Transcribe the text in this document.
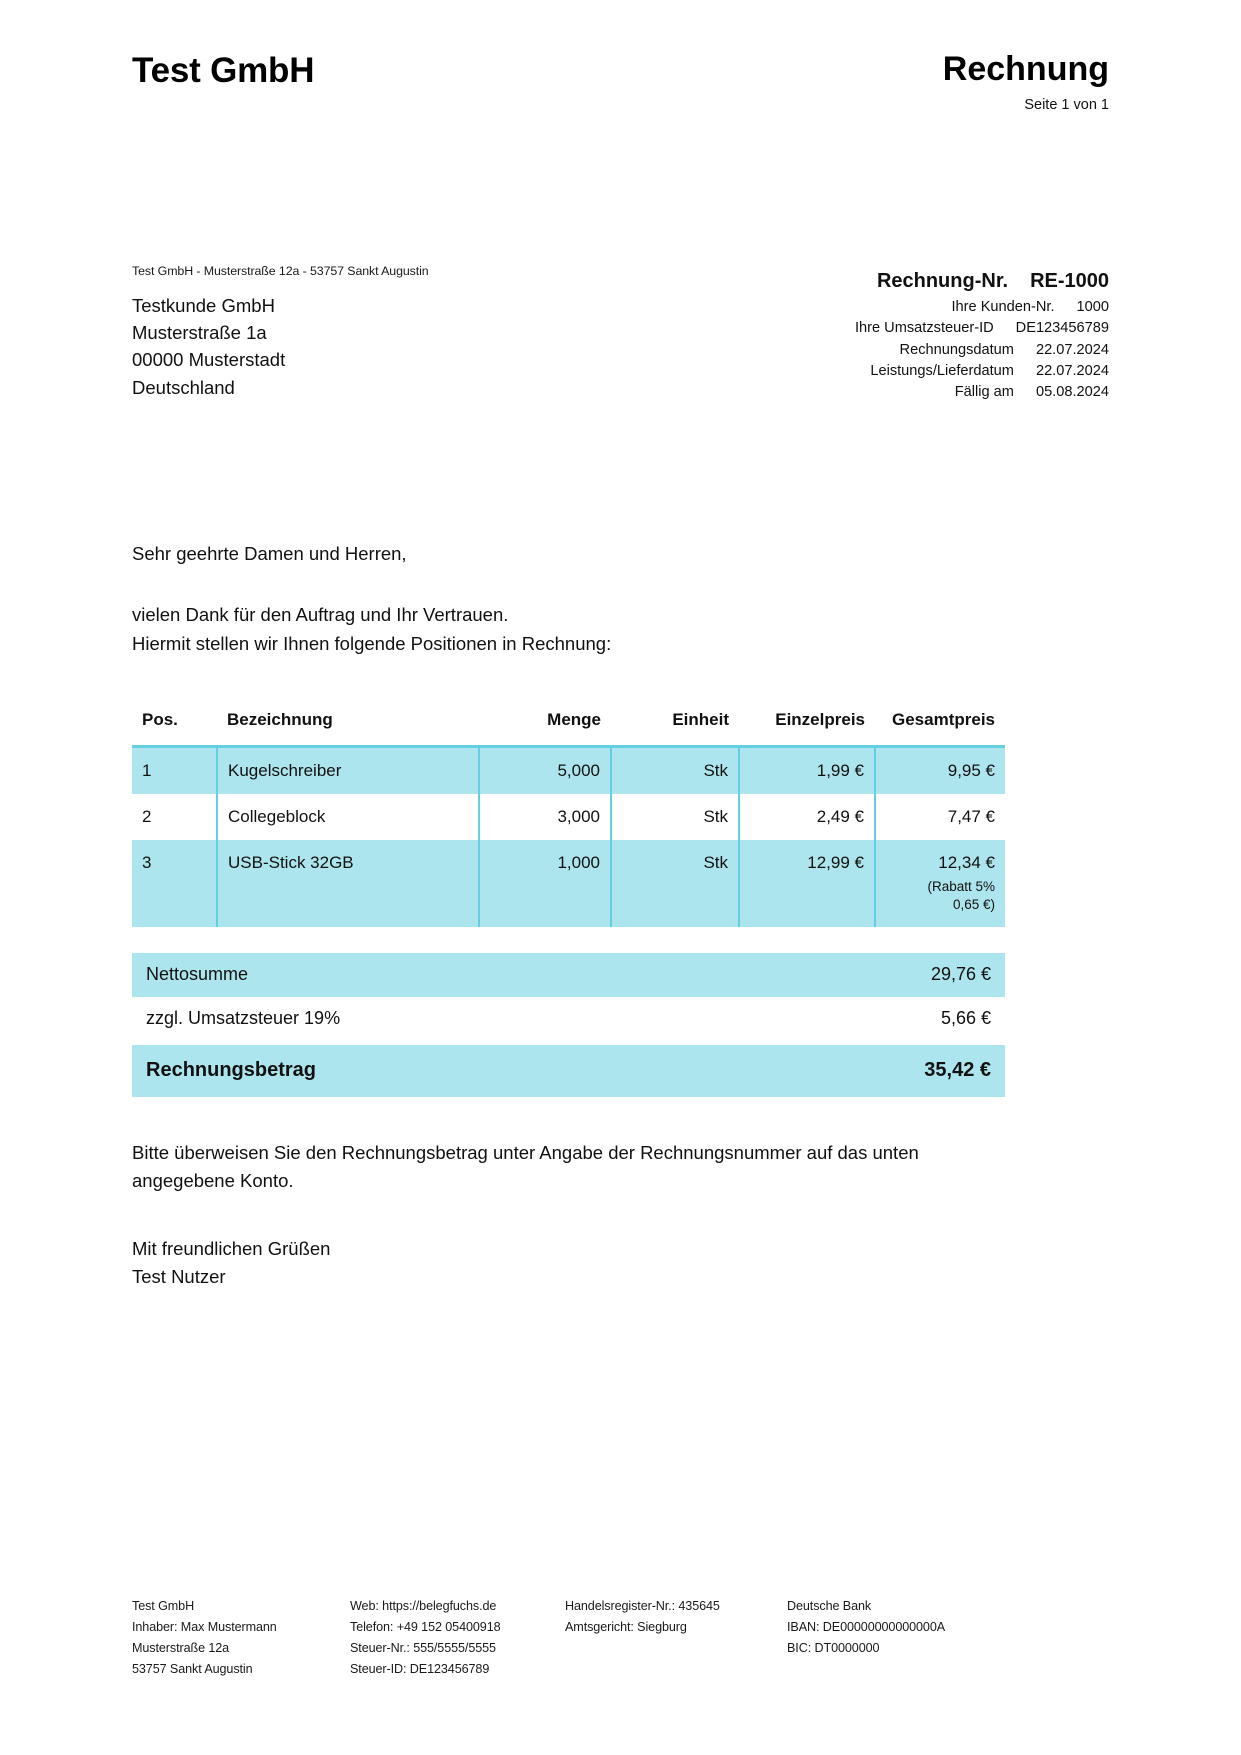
Test GmbH	Rechnung
Seite 1 von 1
Test GmbH - Musterstraße 12a - 53757 Sankt Augustin
Testkunde GmbH
Musterstraße 1a
00000 Musterstadt
Deutschland
Rechnung-Nr.	RE-1000
Ihre Kunden-Nr.	1000
Ihre Umsatzsteuer-ID	DE123456789
Rechnungsdatum	22.07.2024
Leistungs/Lieferdatum	22.07.2024
Fällig am	05.08.2024
Sehr geehrte Damen und Herren,
vielen Dank für den Auftrag und Ihr Vertrauen.
Hiermit stellen wir Ihnen folgende Positionen in Rechnung:
Pos.	Bezeichnung	Menge	Einheit	Einzelpreis	Gesamtpreis
1	Kugelschreiber	5,000	Stk	1,99 €	9,95 €
2	Collegeblock	3,000	Stk	2,49 €	7,47 €
3	USB-Stick 32GB	1,000	Stk	12,99 €	12,34 €
(Rabatt 5%
0,65 €)
Nettosumme	29,76 €
zzgl. Umsatzsteuer 19%	5,66 €
Rechnungsbetrag	35,42 €
Bitte überweisen Sie den Rechnungsbetrag unter Angabe der Rechnungsnummer auf das unten angegebene Konto.
Mit freundlichen Grüßen
Test Nutzer
Test GmbH
Inhaber: Max Mustermann
Musterstraße 12a
53757 Sankt Augustin
Web: https://belegfuchs.de
Telefon: +49 152 05400918
Steuer-Nr.: 555/5555/5555
Steuer-ID: DE123456789
Handelsregister-Nr.: 435645
Amtsgericht: Siegburg
Deutsche Bank
IBAN: DE00000000000000A
BIC: DT0000000
